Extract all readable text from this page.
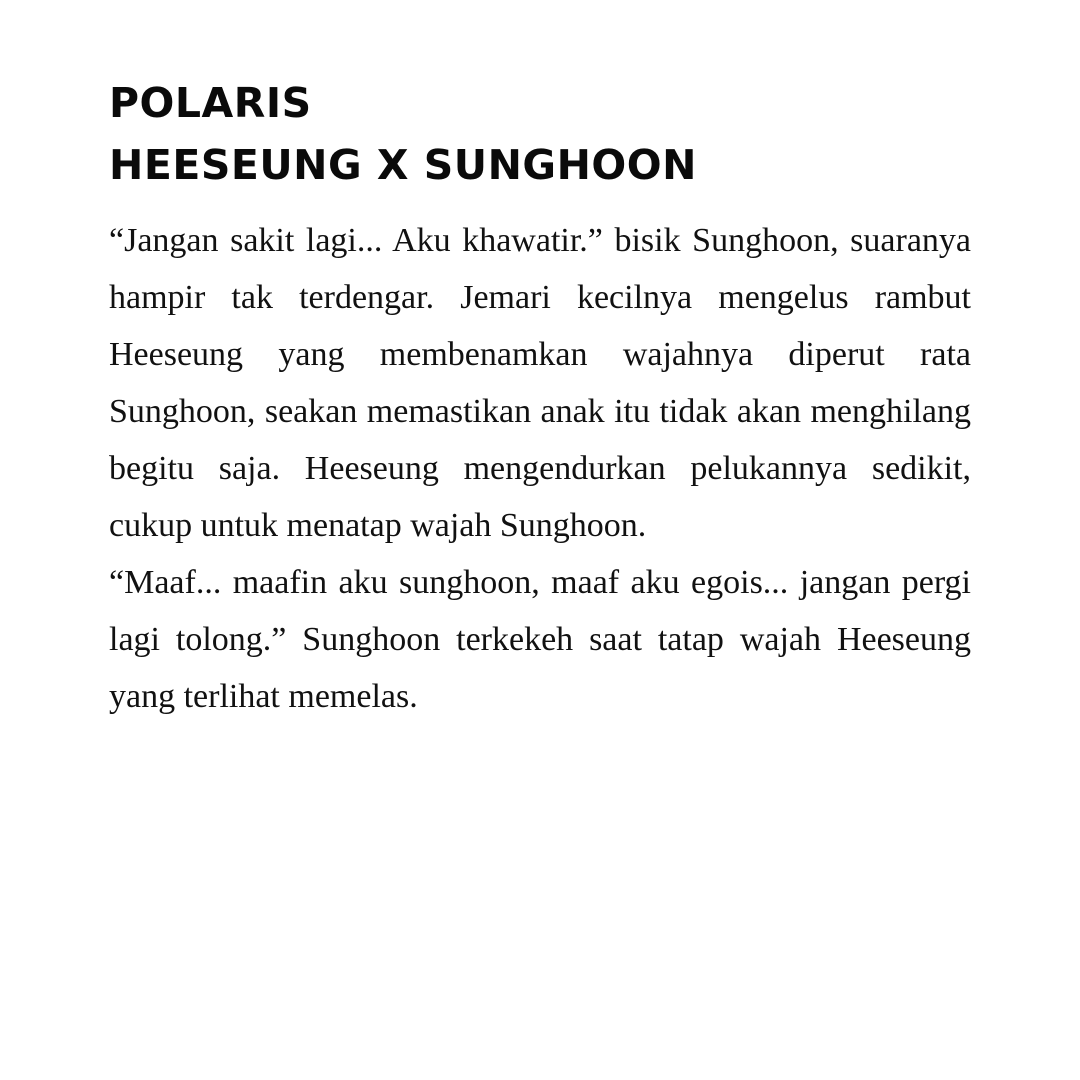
POLARIS
HEESEUNG X SUNGHOON

“Jangan sakit lagi... Aku khawatir.” bisik Sunghoon, suaranya hampir tak terdengar. Jemari kecilnya mengelus rambut Heeseung yang membenamkan wajahnya diperut rata Sunghoon, seakan memastikan anak itu tidak akan menghilang begitu saja. Heeseung mengendurkan pelukannya sedikit, cukup untuk menatap wajah Sunghoon.

“Maaf... maafin aku sunghoon, maaf aku egois... jangan pergi lagi tolong.” Sunghoon terkekeh saat tatap wajah Heeseung yang terlihat memelas.
